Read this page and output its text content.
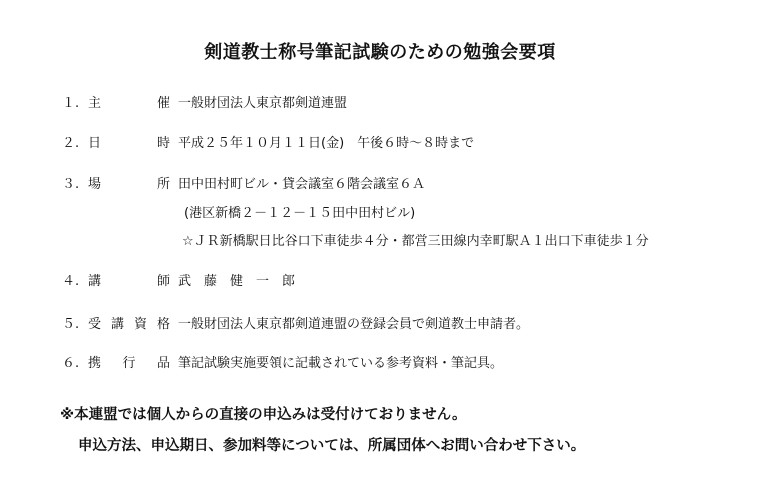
剣道教士称号筆記試験のための勉強会要項
１. 主催 一般財団法人東京都剣道連盟
２. 日時 平成２５年１０月１１日(金)　午後６時～８時まで
３. 場所 田中田村町ビル・貸会議室６階会議室６Ａ
(港区新橋２－１２－１５田中田村ビル)
☆ＪＲ新橋駅日比谷口下車徒歩４分・都営三田線内幸町駅Ａ１出口下車徒歩１分
４. 講師 武　藤　健　一　郎
５. 受講資格 一般財団法人東京都剣道連盟の登録会員で剣道教士申請者。
６. 携行品 筆記試験実施要領に記載されている参考資料・筆記具。
※本連盟では個人からの直接の申込みは受付けておりません。
申込方法、申込期日、参加料等については、所属団体へお問い合わせ下さい。
